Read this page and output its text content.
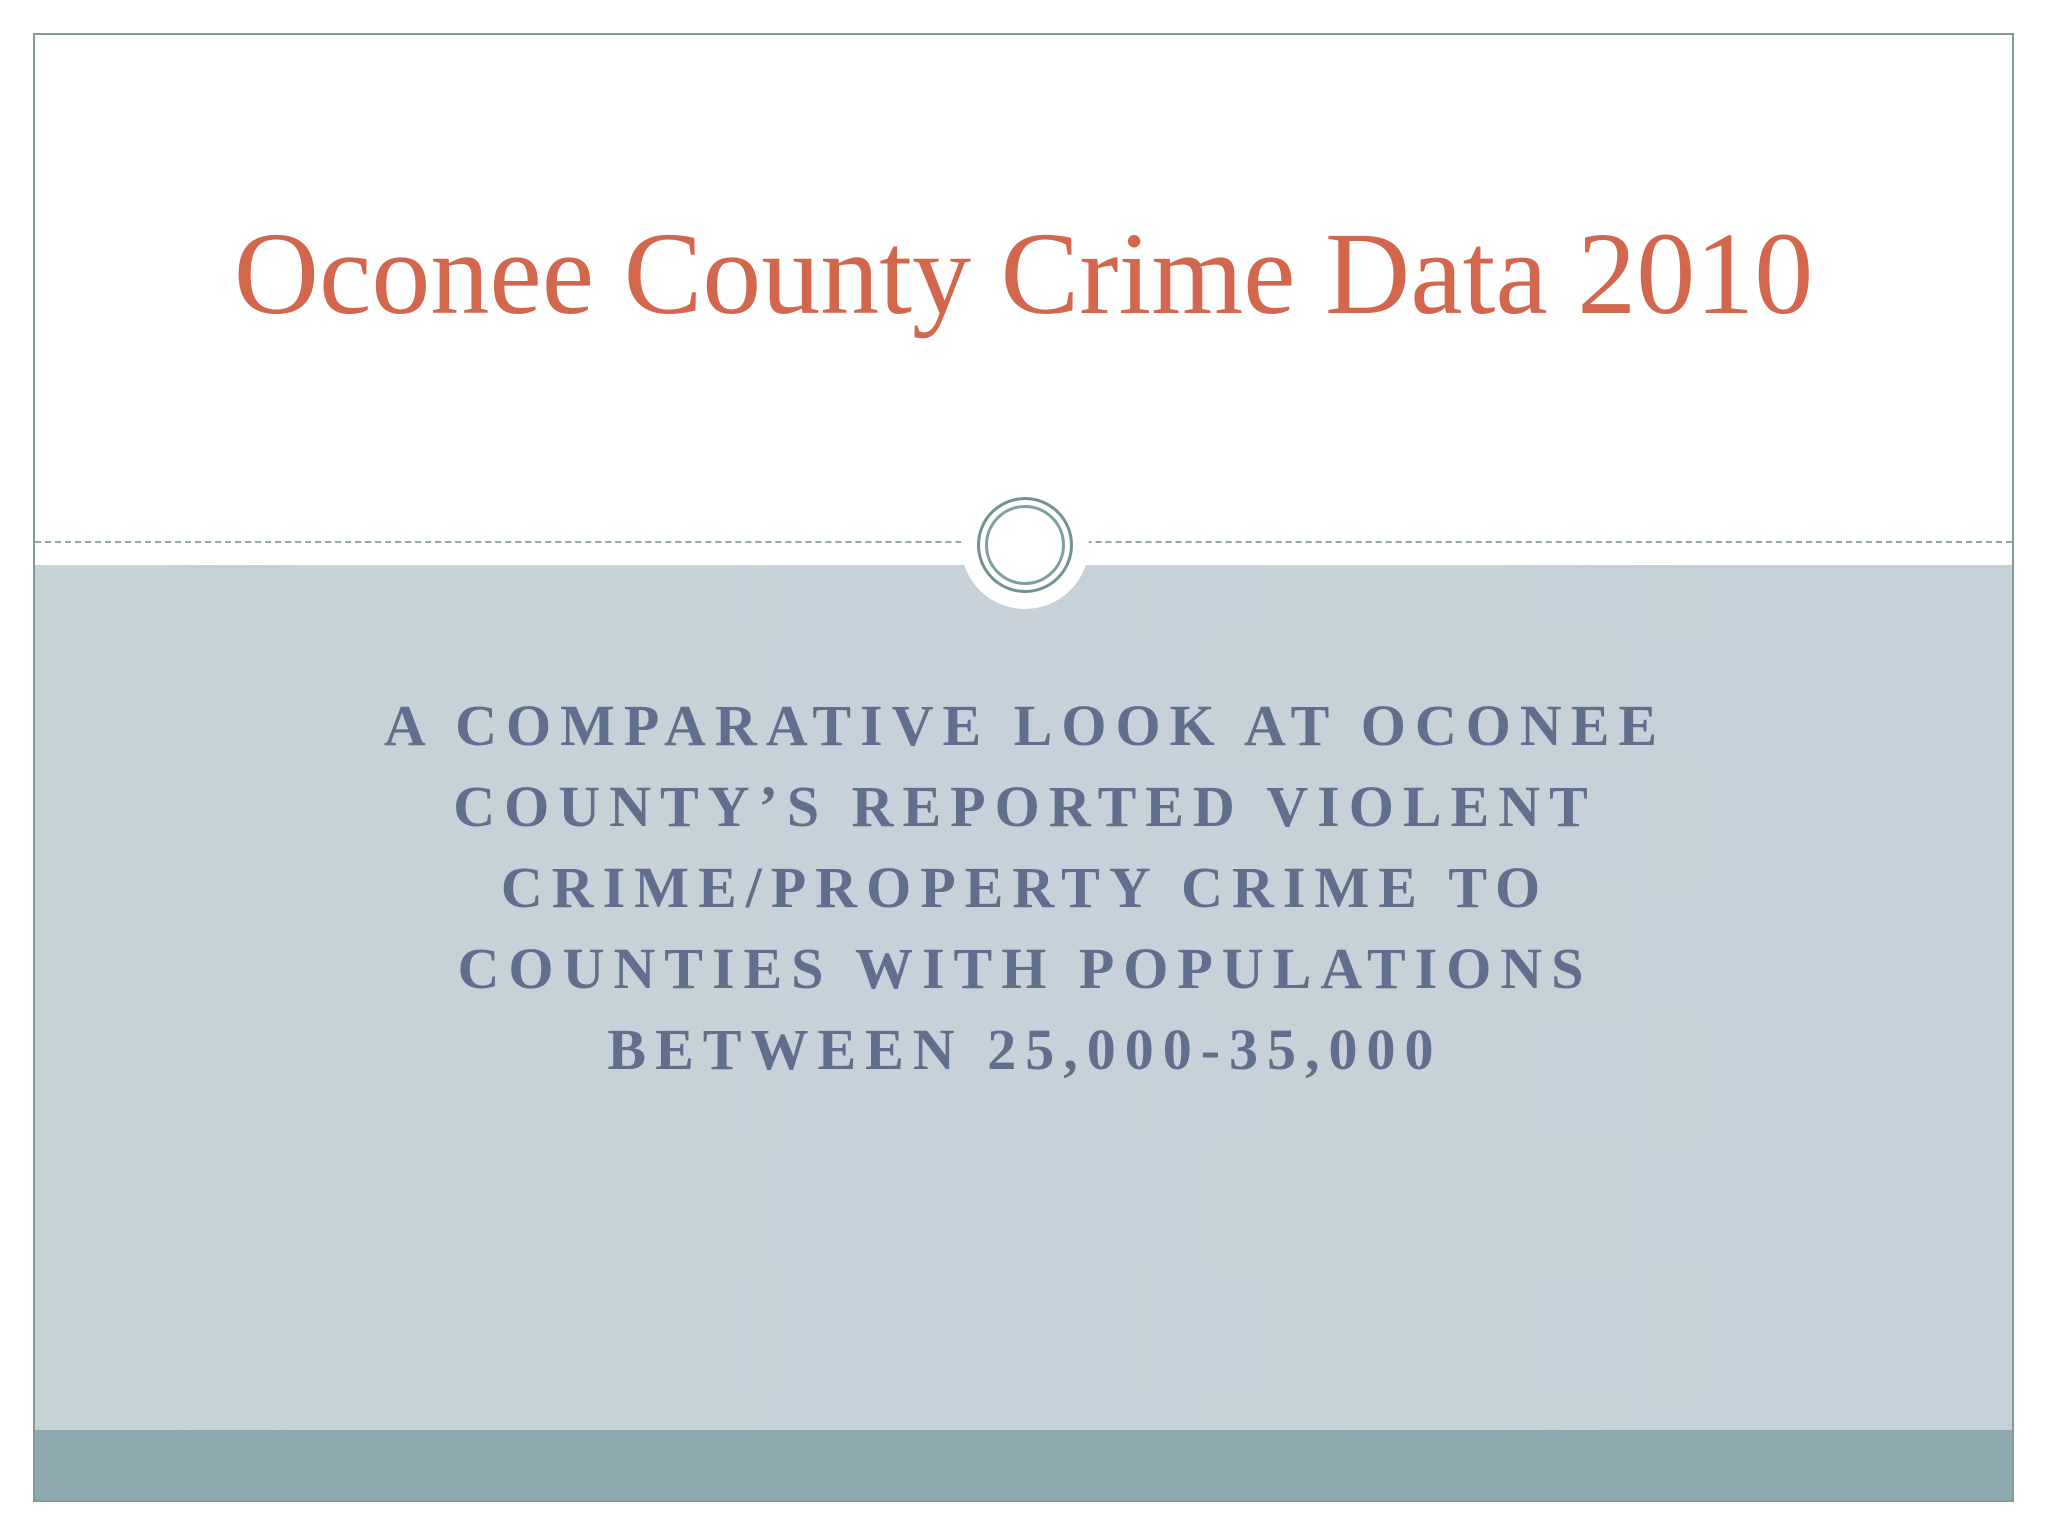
Oconee County Crime Data 2010
A COMPARATIVE LOOK AT OCONEE COUNTY’S REPORTED VIOLENT CRIME/PROPERTY CRIME TO COUNTIES WITH POPULATIONS BETWEEN 25,000-35,000
